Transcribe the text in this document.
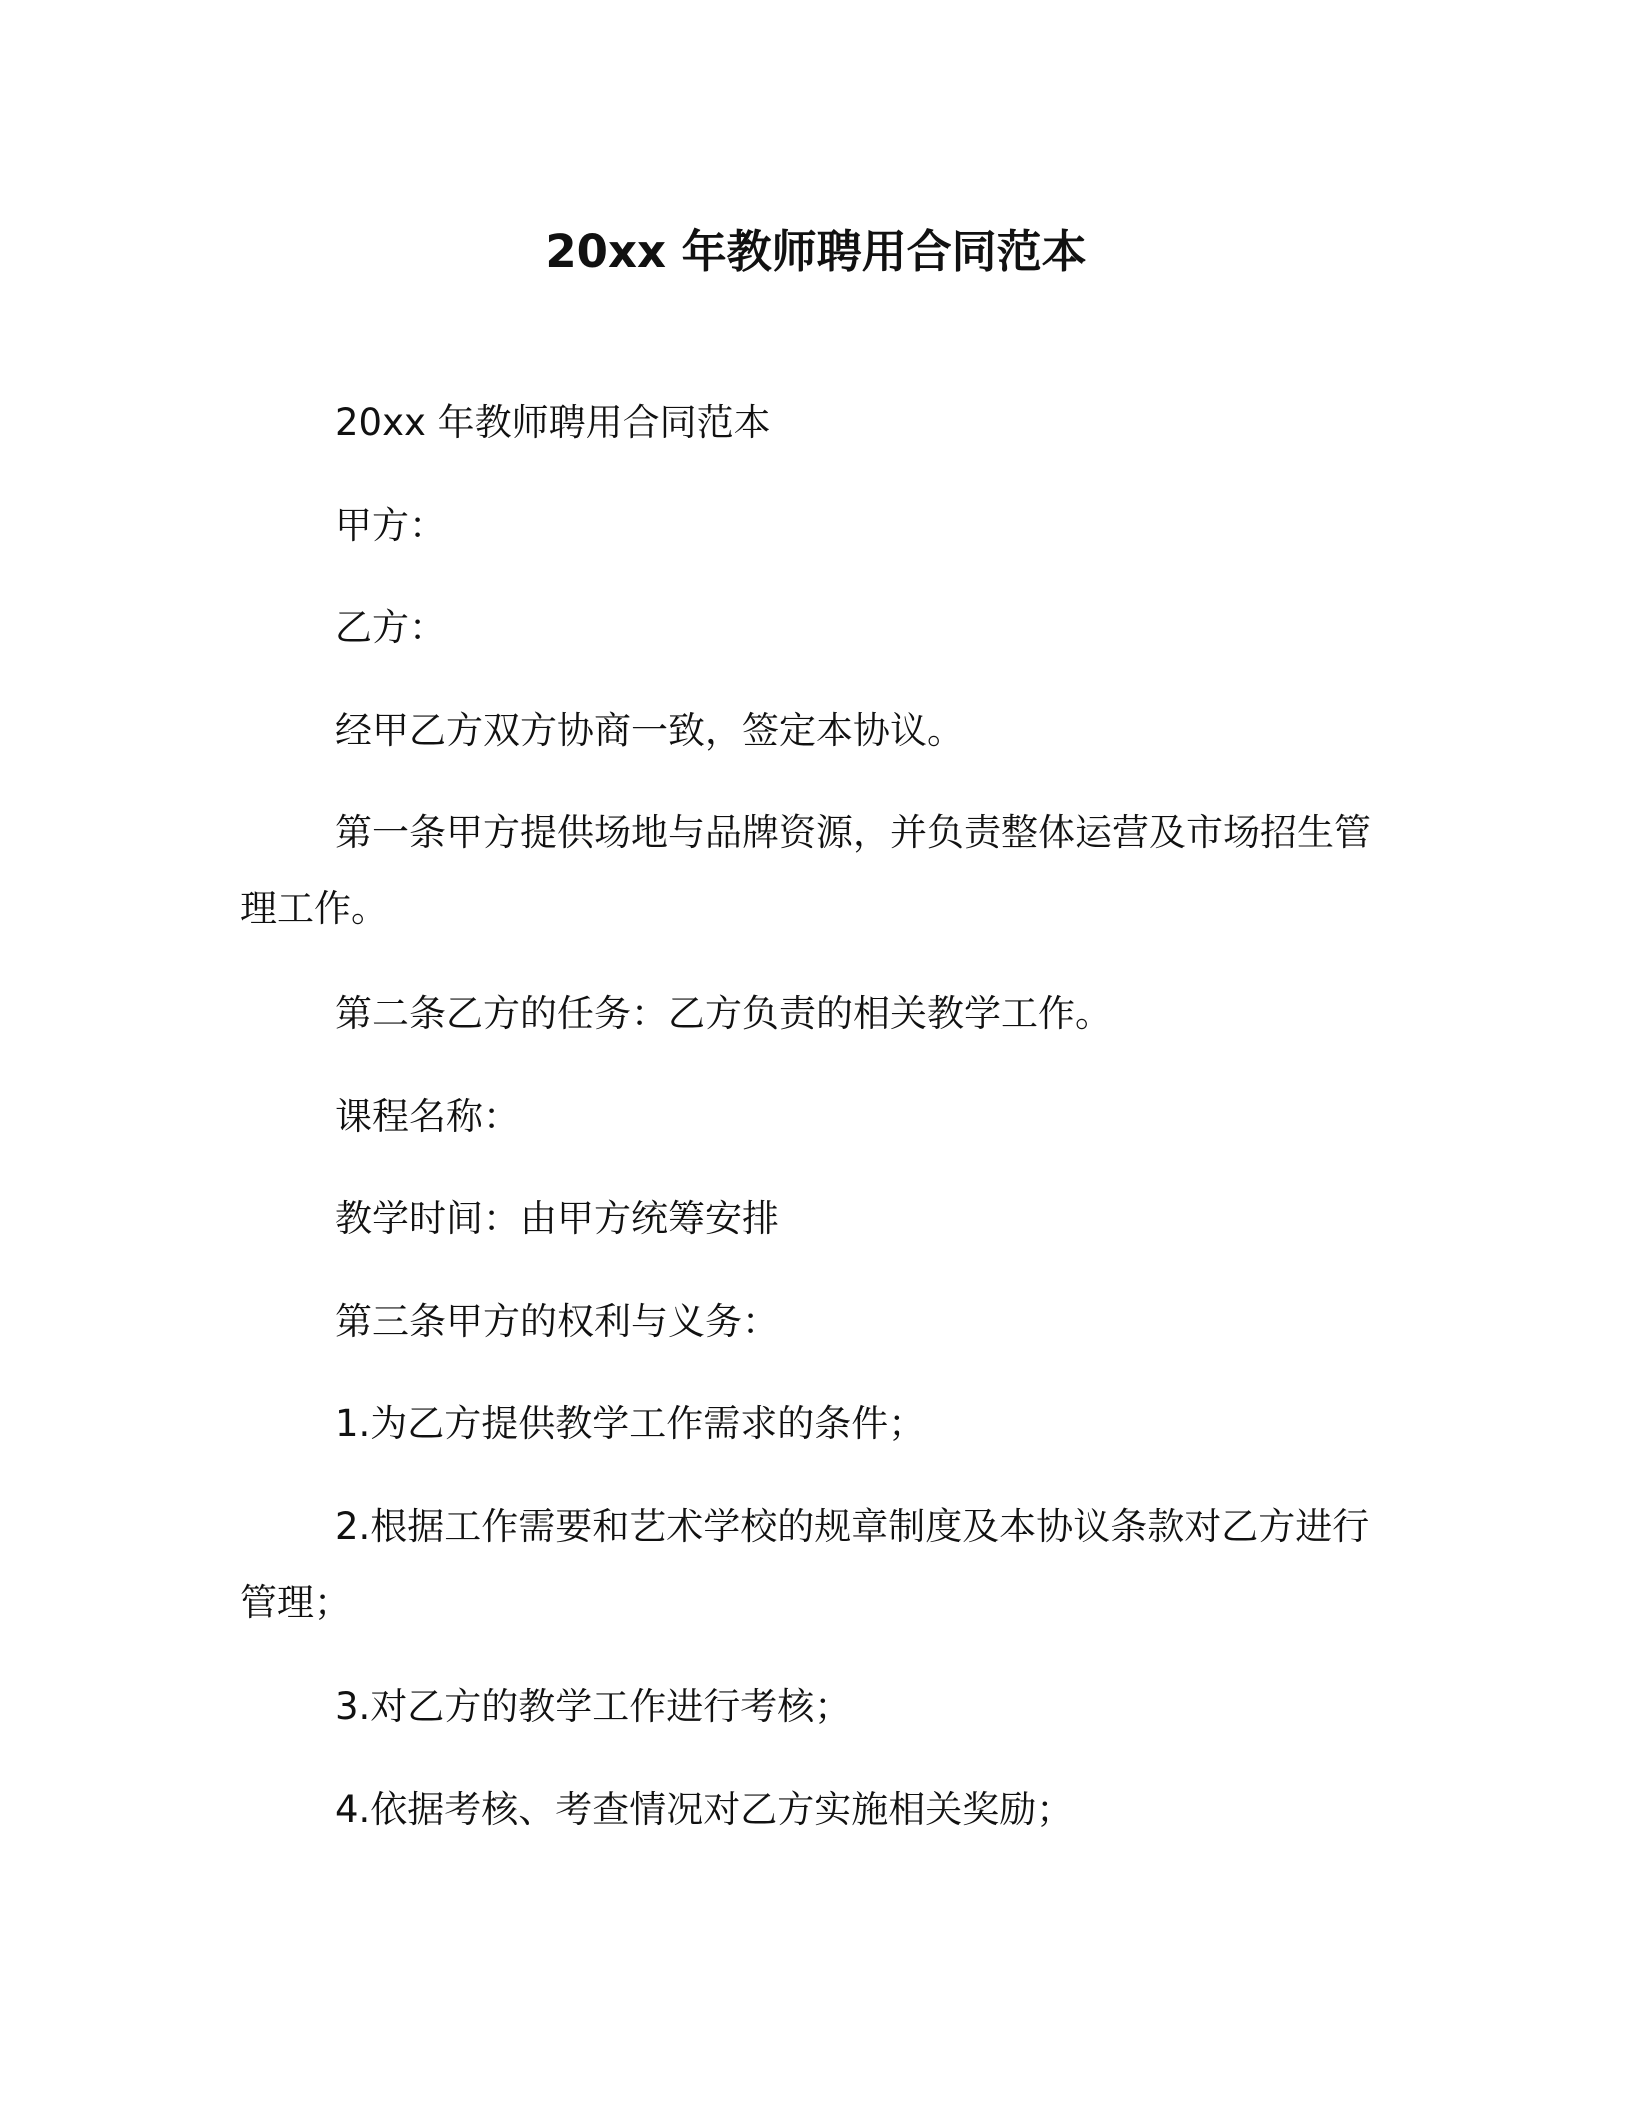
20xx 年教师聘用合同范本

20xx 年教师聘用合同范本

甲方：

乙方：

经甲乙方双方协商一致，签定本协议。

第一条甲方提供场地与品牌资源，并负责整体运营及市场招生管理工作。

第二条乙方的任务：乙方负责的相关教学工作。

课程名称：

教学时间：由甲方统筹安排

第三条甲方的权利与义务：

1.为乙方提供教学工作需求的条件；

2.根据工作需要和艺术学校的规章制度及本协议条款对乙方进行管理；

3.对乙方的教学工作进行考核；

4.依据考核、考查情况对乙方实施相关奖励；
